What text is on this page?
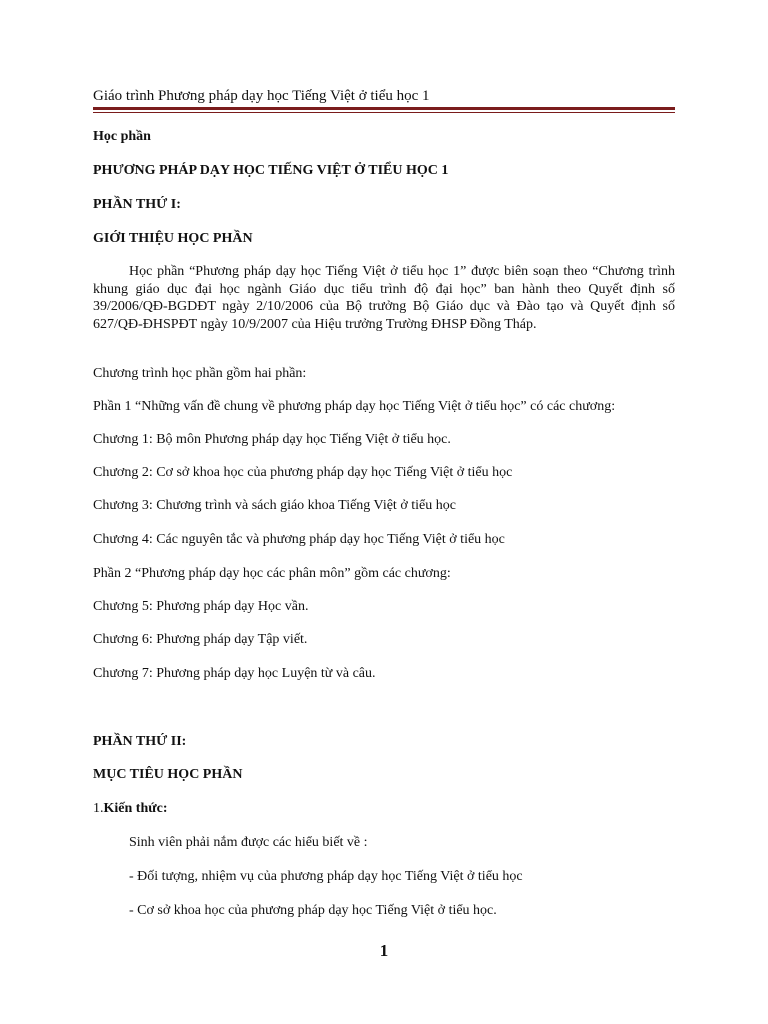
Giáo trình Phương pháp dạy học Tiếng Việt ở tiểu học 1
Học phần
PHƯƠNG PHÁP DẠY HỌC TIẾNG VIỆT Ở TIỂU HỌC 1
PHẦN THỨ I:
GIỚI THIỆU HỌC PHẦN
Học phần “Phương pháp dạy học Tiếng Việt ở tiểu học 1” được biên soạn theo “Chương trình khung giáo dục đại học ngành Giáo dục tiểu trình độ đại học” ban hành theo Quyết định số 39/2006/QĐ-BGDĐT ngày 2/10/2006 của Bộ trưởng Bộ Giáo dục và Đào tạo và Quyết định số 627/QĐ-ĐHSPĐT ngày 10/9/2007 của Hiệu trưởng Trường ĐHSP Đồng Tháp.
Chương trình học phần gồm hai phần:
Phần 1 “Những vấn đề chung về phương pháp dạy học Tiếng Việt ở tiểu học” có các chương:
Chương 1: Bộ môn Phương pháp dạy học Tiếng Việt ở tiểu học.
Chương 2: Cơ sở khoa học của phương pháp dạy học Tiếng Việt ở tiểu học
Chương 3: Chương trình và sách giáo khoa Tiếng Việt ở tiểu học
Chương 4: Các nguyên tắc và phương pháp dạy học Tiếng Việt ở tiểu học
Phần 2 “Phương pháp dạy học các phân môn” gồm các chương:
Chương 5: Phương pháp dạy Học vần.
Chương 6: Phương pháp dạy Tập viết.
Chương 7: Phương pháp dạy học Luyện từ và câu.
PHẦN THỨ II:
MỤC TIÊU HỌC PHẦN
1.Kiến thức:
Sinh viên phải nắm được các hiểu biết về :
- Đối tượng, nhiệm vụ của phương pháp dạy học Tiếng Việt ở tiểu học
- Cơ sở khoa học của phương pháp dạy học Tiếng Việt ở tiểu học.
1
